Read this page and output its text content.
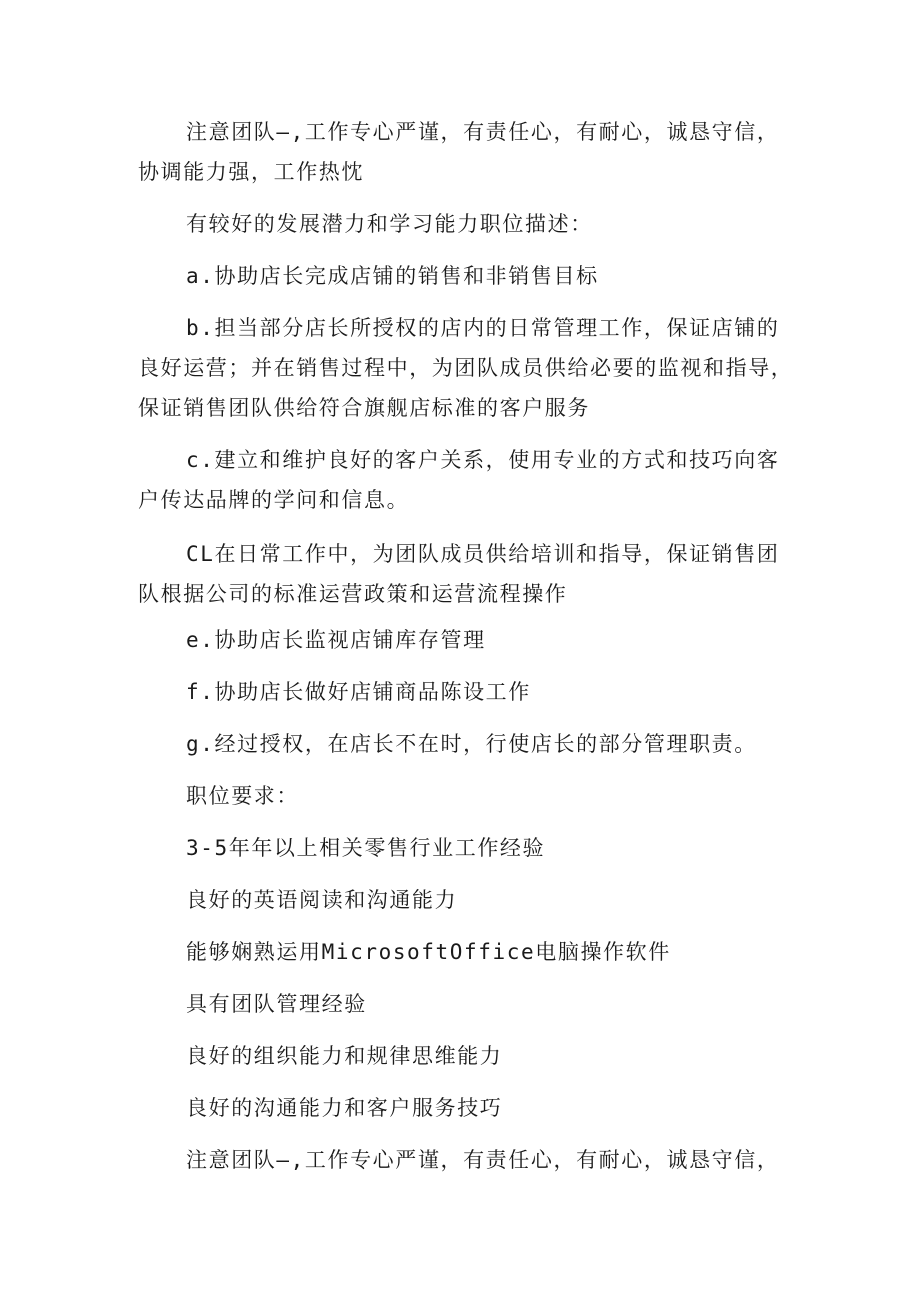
注意团队—,工作专心严谨，有责任心，有耐心，诚恳守信，
协调能力强，工作热忱

有较好的发展潜力和学习能力职位描述：

a.协助店长完成店铺的销售和非销售目标

b.担当部分店长所授权的店内的日常管理工作，保证店铺的
良好运营；并在销售过程中，为团队成员供给必要的监视和指导，
保证销售团队供给符合旗舰店标准的客户服务

c.建立和维护良好的客户关系，使用专业的方式和技巧向客
户传达品牌的学问和信息。

CL在日常工作中，为团队成员供给培训和指导，保证销售团
队根据公司的标准运营政策和运营流程操作

e.协助店长监视店铺库存管理

f.协助店长做好店铺商品陈设工作

g.经过授权，在店长不在时，行使店长的部分管理职责。

职位要求：

3-5年年以上相关零售行业工作经验

良好的英语阅读和沟通能力

能够娴熟运用MicrosoftOffice电脑操作软件

具有团队管理经验

良好的组织能力和规律思维能力

良好的沟通能力和客户服务技巧

注意团队—,工作专心严谨，有责任心，有耐心，诚恳守信，
